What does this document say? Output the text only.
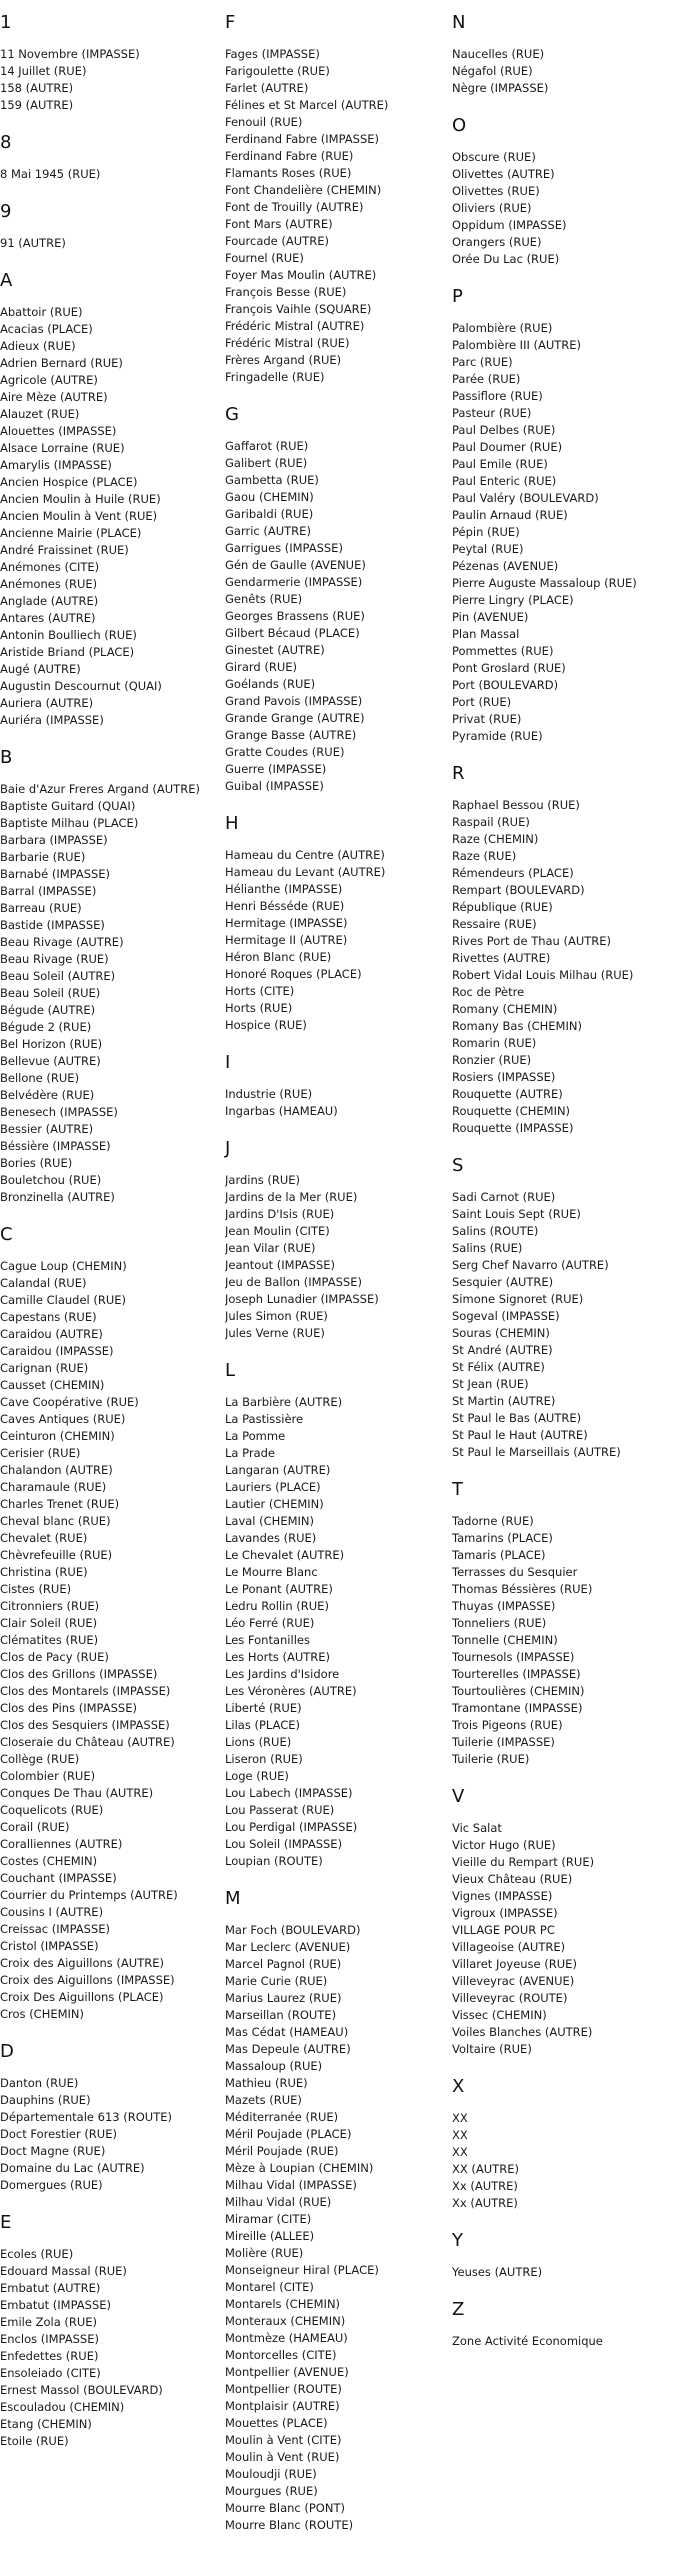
1
11 Novembre (IMPASSE)
14 Juillet (RUE)
158 (AUTRE)
159 (AUTRE)
8
8 Mai 1945 (RUE)
9
91 (AUTRE)
A
Abattoir (RUE)
Acacias (PLACE)
Adieux (RUE)
Adrien Bernard (RUE)
Agricole (AUTRE)
Aire Mèze (AUTRE)
Alauzet (RUE)
Alouettes (IMPASSE)
Alsace Lorraine (RUE)
Amarylis (IMPASSE)
Ancien Hospice (PLACE)
Ancien Moulin à Huile (RUE)
Ancien Moulin à Vent (RUE)
Ancienne Mairie (PLACE)
André Fraissinet (RUE)
Anémones (CITE)
Anémones (RUE)
Anglade (AUTRE)
Antares (AUTRE)
Antonin Boulliech (RUE)
Aristide Briand (PLACE)
Augé (AUTRE)
Augustin Descournut (QUAI)
Auriera (AUTRE)
Auriéra (IMPASSE)
B
Baie d'Azur Freres Argand (AUTRE)
Baptiste Guitard (QUAI)
Baptiste Milhau (PLACE)
Barbara (IMPASSE)
Barbarie (RUE)
Barnabé (IMPASSE)
Barral (IMPASSE)
Barreau (RUE)
Bastide (IMPASSE)
Beau Rivage (AUTRE)
Beau Rivage (RUE)
Beau Soleil (AUTRE)
Beau Soleil (RUE)
Bégude (AUTRE)
Bégude 2 (RUE)
Bel Horizon (RUE)
Bellevue (AUTRE)
Bellone (RUE)
Belvédère (RUE)
Benesech (IMPASSE)
Bessier (AUTRE)
Béssière (IMPASSE)
Bories (RUE)
Bouletchou (RUE)
Bronzinella (AUTRE)
C
Cague Loup (CHEMIN)
Calandal (RUE)
Camille Claudel (RUE)
Capestans (RUE)
Caraidou (AUTRE)
Caraidou (IMPASSE)
Carignan (RUE)
Causset (CHEMIN)
Cave Coopérative (RUE)
Caves Antiques (RUE)
Ceinturon (CHEMIN)
Cerisier (RUE)
Chalandon (AUTRE)
Charamaule (RUE)
Charles Trenet (RUE)
Cheval blanc (RUE)
Chevalet (RUE)
Chèvrefeuille (RUE)
Christina (RUE)
Cistes (RUE)
Citronniers (RUE)
Clair Soleil (RUE)
Clématites (RUE)
Clos de Pacy (RUE)
Clos des Grillons (IMPASSE)
Clos des Montarels (IMPASSE)
Clos des Pins (IMPASSE)
Clos des Sesquiers (IMPASSE)
Closeraie du Château (AUTRE)
Collège (RUE)
Colombier (RUE)
Conques De Thau (AUTRE)
Coquelicots (RUE)
Corail (RUE)
Coralliennes (AUTRE)
Costes (CHEMIN)
Couchant (IMPASSE)
Courrier du Printemps (AUTRE)
Cousins I (AUTRE)
Creissac (IMPASSE)
Cristol (IMPASSE)
Croix des Aiguillons (AUTRE)
Croix des Aiguillons (IMPASSE)
Croix Des Aiguillons (PLACE)
Cros (CHEMIN)
D
Danton (RUE)
Dauphins (RUE)
Départementale 613 (ROUTE)
Doct Forestier (RUE)
Doct Magne (RUE)
Domaine du Lac (AUTRE)
Domergues (RUE)
E
Ecoles (RUE)
Edouard Massal (RUE)
Embatut (AUTRE)
Embatut (IMPASSE)
Emile Zola (RUE)
Enclos (IMPASSE)
Enfedettes (RUE)
Ensoleiado (CITE)
Ernest Massol (BOULEVARD)
Escouladou (CHEMIN)
Etang (CHEMIN)
Etoile (RUE)
F
Fages (IMPASSE)
Farigoulette (RUE)
Farlet (AUTRE)
Félines et St Marcel (AUTRE)
Fenouil (RUE)
Ferdinand Fabre (IMPASSE)
Ferdinand Fabre (RUE)
Flamants Roses (RUE)
Font Chandelière (CHEMIN)
Font de Trouilly (AUTRE)
Font Mars (AUTRE)
Fourcade (AUTRE)
Fournel (RUE)
Foyer Mas Moulin (AUTRE)
François Besse (RUE)
François Vaihle (SQUARE)
Frédéric Mistral (AUTRE)
Frédéric Mistral (RUE)
Frères Argand (RUE)
Fringadelle (RUE)
G
Gaffarot (RUE)
Galibert (RUE)
Gambetta (RUE)
Gaou (CHEMIN)
Garibaldi (RUE)
Garric (AUTRE)
Garrigues (IMPASSE)
Gén de Gaulle (AVENUE)
Gendarmerie (IMPASSE)
Genêts (RUE)
Georges Brassens (RUE)
Gilbert Bécaud (PLACE)
Ginestet (AUTRE)
Girard (RUE)
Goélands (RUE)
Grand Pavois (IMPASSE)
Grande Grange (AUTRE)
Grange Basse (AUTRE)
Gratte Coudes (RUE)
Guerre (IMPASSE)
Guibal (IMPASSE)
H
Hameau du Centre (AUTRE)
Hameau du Levant (AUTRE)
Hélianthe (IMPASSE)
Henri Bésséde (RUE)
Hermitage (IMPASSE)
Hermitage II (AUTRE)
Héron Blanc (RUE)
Honoré Roques (PLACE)
Horts (CITE)
Horts (RUE)
Hospice (RUE)
I
Industrie (RUE)
Ingarbas (HAMEAU)
J
Jardins (RUE)
Jardins de la Mer (RUE)
Jardins D'Isis (RUE)
Jean Moulin (CITE)
Jean Vilar (RUE)
Jeantout (IMPASSE)
Jeu de Ballon (IMPASSE)
Joseph Lunadier (IMPASSE)
Jules Simon (RUE)
Jules Verne (RUE)
L
La Barbière (AUTRE)
La Pastissière
La Pomme
La Prade
Langaran (AUTRE)
Lauriers (PLACE)
Lautier (CHEMIN)
Laval (CHEMIN)
Lavandes (RUE)
Le Chevalet (AUTRE)
Le Mourre Blanc
Le Ponant (AUTRE)
Ledru Rollin (RUE)
Léo Ferré (RUE)
Les Fontanilles
Les Horts (AUTRE)
Les Jardins d'Isidore
Les Véronères (AUTRE)
Liberté (RUE)
Lilas (PLACE)
Lions (RUE)
Liseron (RUE)
Loge (RUE)
Lou Labech (IMPASSE)
Lou Passerat (RUE)
Lou Perdigal (IMPASSE)
Lou Soleil (IMPASSE)
Loupian (ROUTE)
M
Mar Foch (BOULEVARD)
Mar Leclerc (AVENUE)
Marcel Pagnol (RUE)
Marie Curie (RUE)
Marius Laurez (RUE)
Marseillan (ROUTE)
Mas Cédat (HAMEAU)
Mas Depeule (AUTRE)
Massaloup (RUE)
Mathieu (RUE)
Mazets (RUE)
Méditerranée (RUE)
Méril Poujade (PLACE)
Méril Poujade (RUE)
Mèze à Loupian (CHEMIN)
Milhau Vidal (IMPASSE)
Milhau Vidal (RUE)
Miramar (CITE)
Mireille (ALLEE)
Molière (RUE)
Monseigneur Hiral (PLACE)
Montarel (CITE)
Montarels (CHEMIN)
Monteraux (CHEMIN)
Montmèze (HAMEAU)
Montorcelles (CITE)
Montpellier (AVENUE)
Montpellier (ROUTE)
Montplaisir (AUTRE)
Mouettes (PLACE)
Moulin à Vent (CITE)
Moulin à Vent (RUE)
Mouloudji (RUE)
Mourgues (RUE)
Mourre Blanc (PONT)
Mourre Blanc (ROUTE)
N
Naucelles (RUE)
Négafol (RUE)
Nègre (IMPASSE)
O
Obscure (RUE)
Olivettes (AUTRE)
Olivettes (RUE)
Oliviers (RUE)
Oppidum (IMPASSE)
Orangers (RUE)
Orée Du Lac (RUE)
P
Palombière (RUE)
Palombière III (AUTRE)
Parc (RUE)
Parée (RUE)
Passiflore (RUE)
Pasteur (RUE)
Paul Delbes (RUE)
Paul Doumer (RUE)
Paul Emile (RUE)
Paul Enteric (RUE)
Paul Valéry (BOULEVARD)
Paulin Arnaud (RUE)
Pépin (RUE)
Peytal (RUE)
Pézenas (AVENUE)
Pierre Auguste Massaloup (RUE)
Pierre Lingry (PLACE)
Pin (AVENUE)
Plan Massal
Pommettes (RUE)
Pont Groslard (RUE)
Port (BOULEVARD)
Port (RUE)
Privat (RUE)
Pyramide (RUE)
R
Raphael Bessou (RUE)
Raspail (RUE)
Raze (CHEMIN)
Raze (RUE)
Rémendeurs (PLACE)
Rempart (BOULEVARD)
République (RUE)
Ressaire (RUE)
Rives Port de Thau (AUTRE)
Rivettes (AUTRE)
Robert Vidal Louis Milhau (RUE)
Roc de Pètre
Romany (CHEMIN)
Romany Bas (CHEMIN)
Romarin (RUE)
Ronzier (RUE)
Rosiers (IMPASSE)
Rouquette (AUTRE)
Rouquette (CHEMIN)
Rouquette (IMPASSE)
S
Sadi Carnot (RUE)
Saint Louis Sept (RUE)
Salins (ROUTE)
Salins (RUE)
Serg Chef Navarro (AUTRE)
Sesquier (AUTRE)
Simone Signoret (RUE)
Sogeval (IMPASSE)
Souras (CHEMIN)
St André (AUTRE)
St Félix (AUTRE)
St Jean (RUE)
St Martin (AUTRE)
St Paul le Bas (AUTRE)
St Paul le Haut (AUTRE)
St Paul le Marseillais (AUTRE)
T
Tadorne (RUE)
Tamarins (PLACE)
Tamaris (PLACE)
Terrasses du Sesquier
Thomas Béssières (RUE)
Thuyas (IMPASSE)
Tonneliers (RUE)
Tonnelle (CHEMIN)
Tournesols (IMPASSE)
Tourterelles (IMPASSE)
Tourtoulières (CHEMIN)
Tramontane (IMPASSE)
Trois Pigeons (RUE)
Tuilerie (IMPASSE)
Tuilerie (RUE)
V
Vic Salat
Victor Hugo (RUE)
Vieille du Rempart (RUE)
Vieux Château (RUE)
Vignes (IMPASSE)
Vigroux (IMPASSE)
VILLAGE POUR PC
Villageoise (AUTRE)
Villaret Joyeuse (RUE)
Villeveyrac (AVENUE)
Villeveyrac (ROUTE)
Vissec (CHEMIN)
Voiles Blanches (AUTRE)
Voltaire (RUE)
X
XX
XX
XX
XX (AUTRE)
Xx (AUTRE)
Xx (AUTRE)
Y
Yeuses (AUTRE)
Z
Zone Activité Economique
